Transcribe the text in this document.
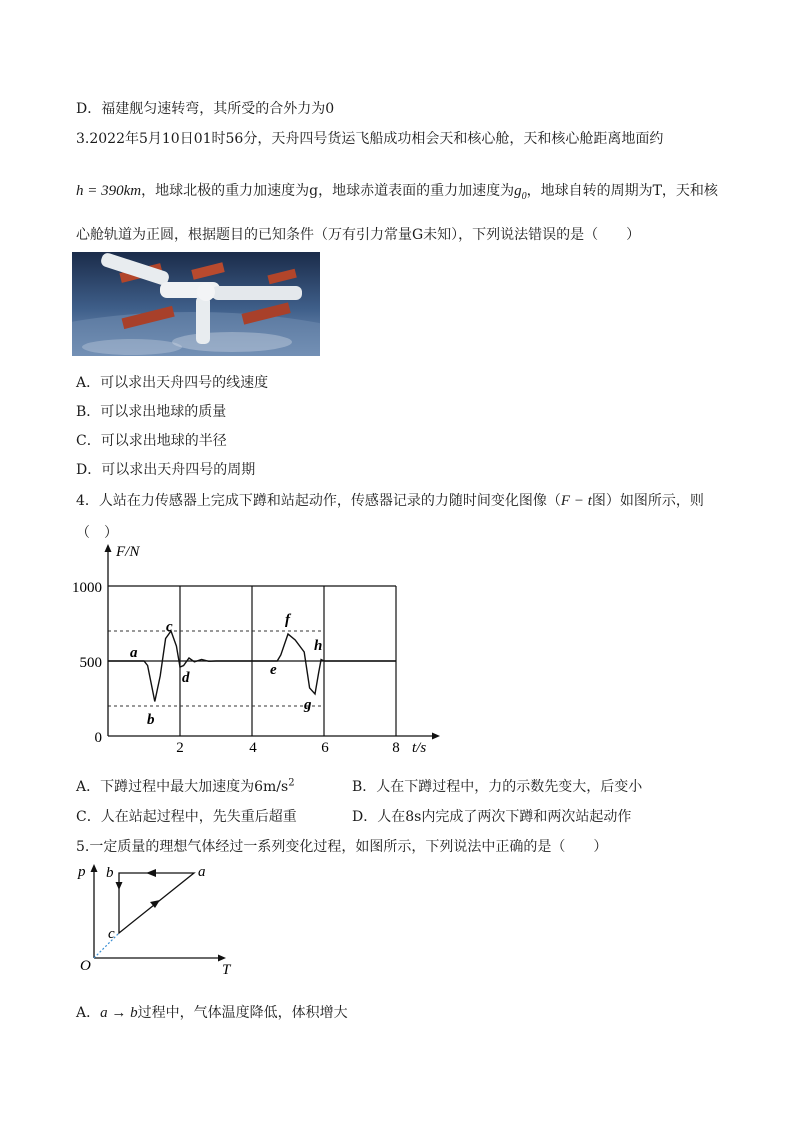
D．福建舰匀速转弯，其所受的合外力为0
3.2022年5月10日01时56分，天舟四号货运飞船成功相会天和核心舱，天和核心舱距离地面约
h = 390km，地球北极的重力加速度为g，地球赤道表面的重力加速度为$g_0$，地球自转的周期为T，天和核
心舱轨道为正圆，根据题目的已知条件（万有引力常量G未知），下列说法错误的是（　　）
A．可以求出天舟四号的线速度
B．可以求出地球的质量
C．可以求出地球的半径
D．可以求出天舟四号的周期
4．人站在力传感器上完成下蹲和站起动作，传感器记录的力随时间变化图像（F − t图）如图所示，则
（　）
F/N
t/s
0
500
1000
2	4	6	8
a
b
c
d	e
f
g
h
A．下蹲过程中最大加速度为$6m/s^2$	B．人在下蹲过程中，力的示数先变大，后变小
C．人在站起过程中，先失重后超重	D．人在8s内完成了两次下蹲和两次站起动作
5.一定质量的理想气体经过一系列变化过程，如图所示，下列说法中正确的是（　　）
p
T
O
a
b
c
A．a → b过程中，气体温度降低，体积增大
